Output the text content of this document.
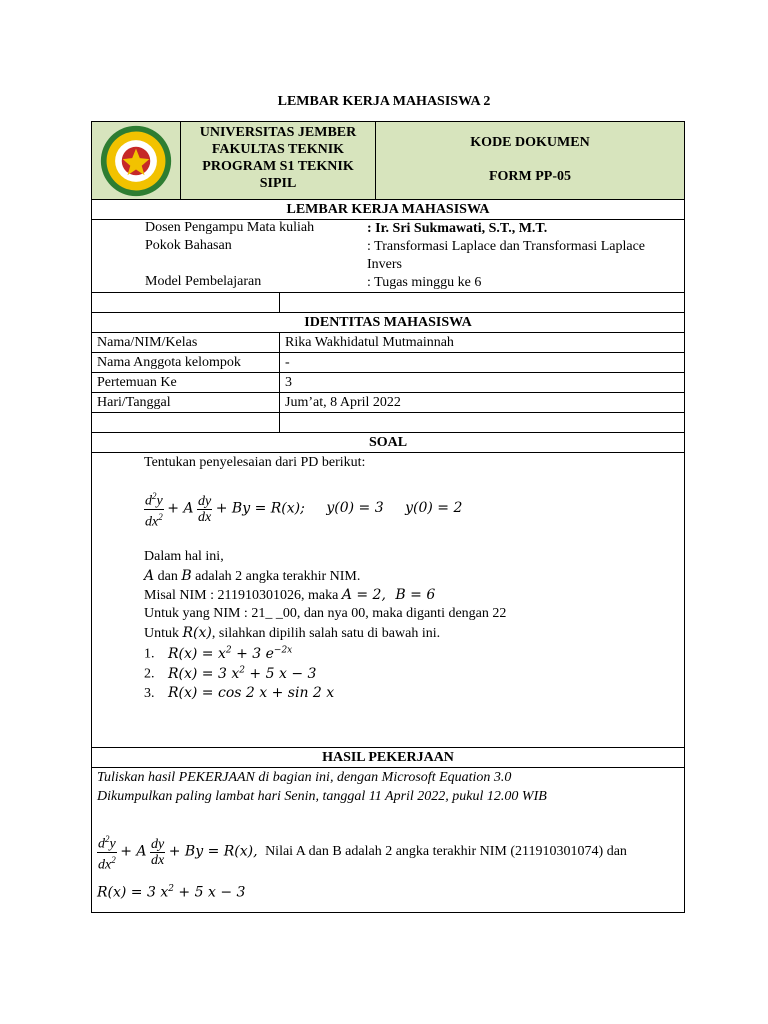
LEMBAR KERJA MAHASISWA 2
UNIVERSITAS JEMBER
FAKULTAS TEKNIK
PROGRAM S1 TEKNIK
SIPIL
KODE DOKUMEN
FORM PP-05
LEMBAR KERJA MAHASISWA
Dosen Pengampu Mata kuliah	: Ir. Sri Sukmawati, S.T., M.T.
Pokok Bahasan	: Transformasi Laplace dan Transformasi Laplace
Invers
Model Pembelajaran	: Tugas minggu ke 6
IDENTITAS MAHASISWA
Nama/NIM/Kelas	Rika Wakhidatul Mutmainnah
Nama Anggota kelompok	-
Pertemuan Ke	3
Hari/Tanggal	Jum’at, 8 April 2022
SOAL
Tentukan penyelesaian dari PD berikut:
$\frac{d^2y}{dx^2} + A \frac{dy}{dx} + By = R(x)$; y(0) = 3 y(0) = 2
Dalam hal ini,
A dan B adalah 2 angka terakhir NIM.
Misal NIM : 211910301026, maka A = 2, B = 6
Untuk yang NIM : 21_ _00, dan nya 00, maka diganti dengan 22
Untuk R(x), silahkan dipilih salah satu di bawah ini.
1. $R(x) = x^2 + 3$ $e^{-2x}$
2. R(x) = 3 $x^2 + 5$ x − 3
3. R(x) = cos 2 x + sin 2 x
HASIL PEKERJAAN
Tuliskan hasil PEKERJAAN di bagian ini, dengan Microsoft Equation 3.0
Dikumpulkan paling lambat hari Senin, tanggal 11 April 2022, pukul 12.00 WIB
$\frac{d^2y}{dx^2} + A \frac{dy}{dx} + By = R(x)$, Nilai A dan B adalah 2 angka terakhir NIM (211910301074) dan
R(x) = 3 $x^2 + 5$ x − 3
